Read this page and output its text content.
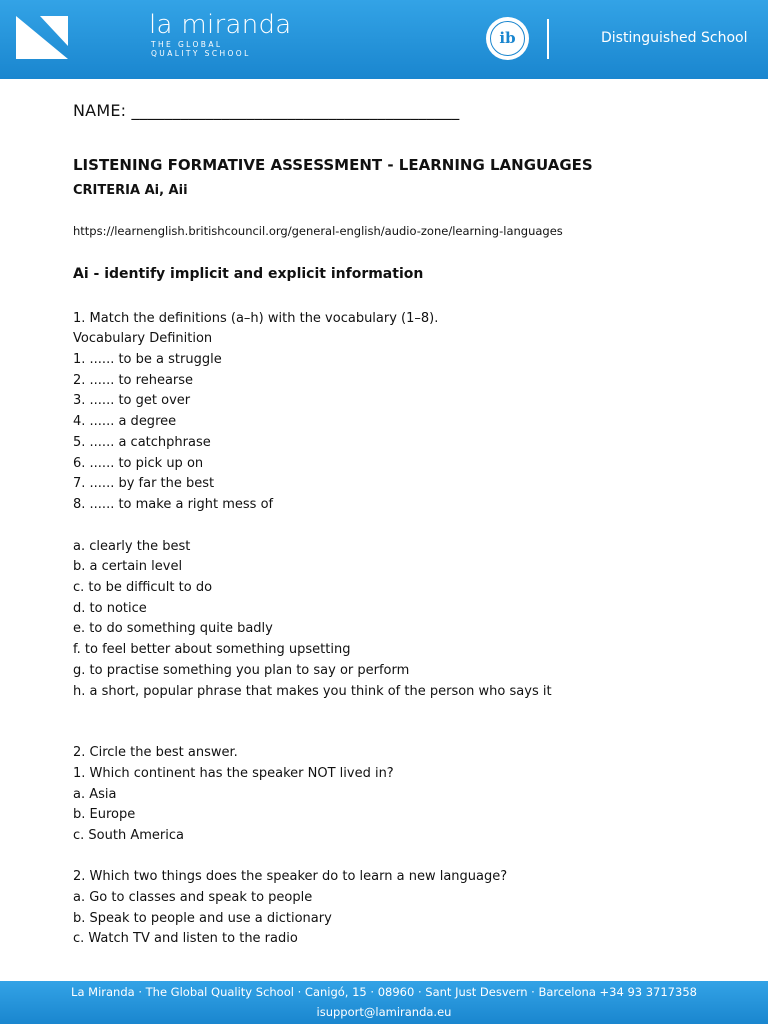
la miranda
THE GLOBAL
QUALITY SCHOOL
ib	Distinguished School
NAME: ________________________________________
LISTENING FORMATIVE ASSESSMENT - LEARNING LANGUAGES
CRITERIA Ai, Aii
https://learnenglish.britishcouncil.org/general-english/audio-zone/learning-languages
Ai - identify implicit and explicit information
1. Match the definitions (a–h) with the vocabulary (1–8).
Vocabulary Definition
1. ...... to be a struggle
2. ...... to rehearse
3. ...... to get over
4. ...... a degree
5. ...... a catchphrase
6. ...... to pick up on
7. ...... by far the best
8. ...... to make a right mess of
a. clearly the best
b. a certain level
c. to be difficult to do
d. to notice
e. to do something quite badly
f. to feel better about something upsetting
g. to practise something you plan to say or perform
h. a short, popular phrase that makes you think of the person who says it
2. Circle the best answer.
1. Which continent has the speaker NOT lived in?
a. Asia
b. Europe
c. South America
2. Which two things does the speaker do to learn a new language?
a. Go to classes and speak to people
b. Speak to people and use a dictionary
c. Watch TV and listen to the radio
La Miranda · The Global Quality School · Canigó, 15 · 08960 · Sant Just Desvern · Barcelona +34 93 3717358
isupport@lamiranda.eu
